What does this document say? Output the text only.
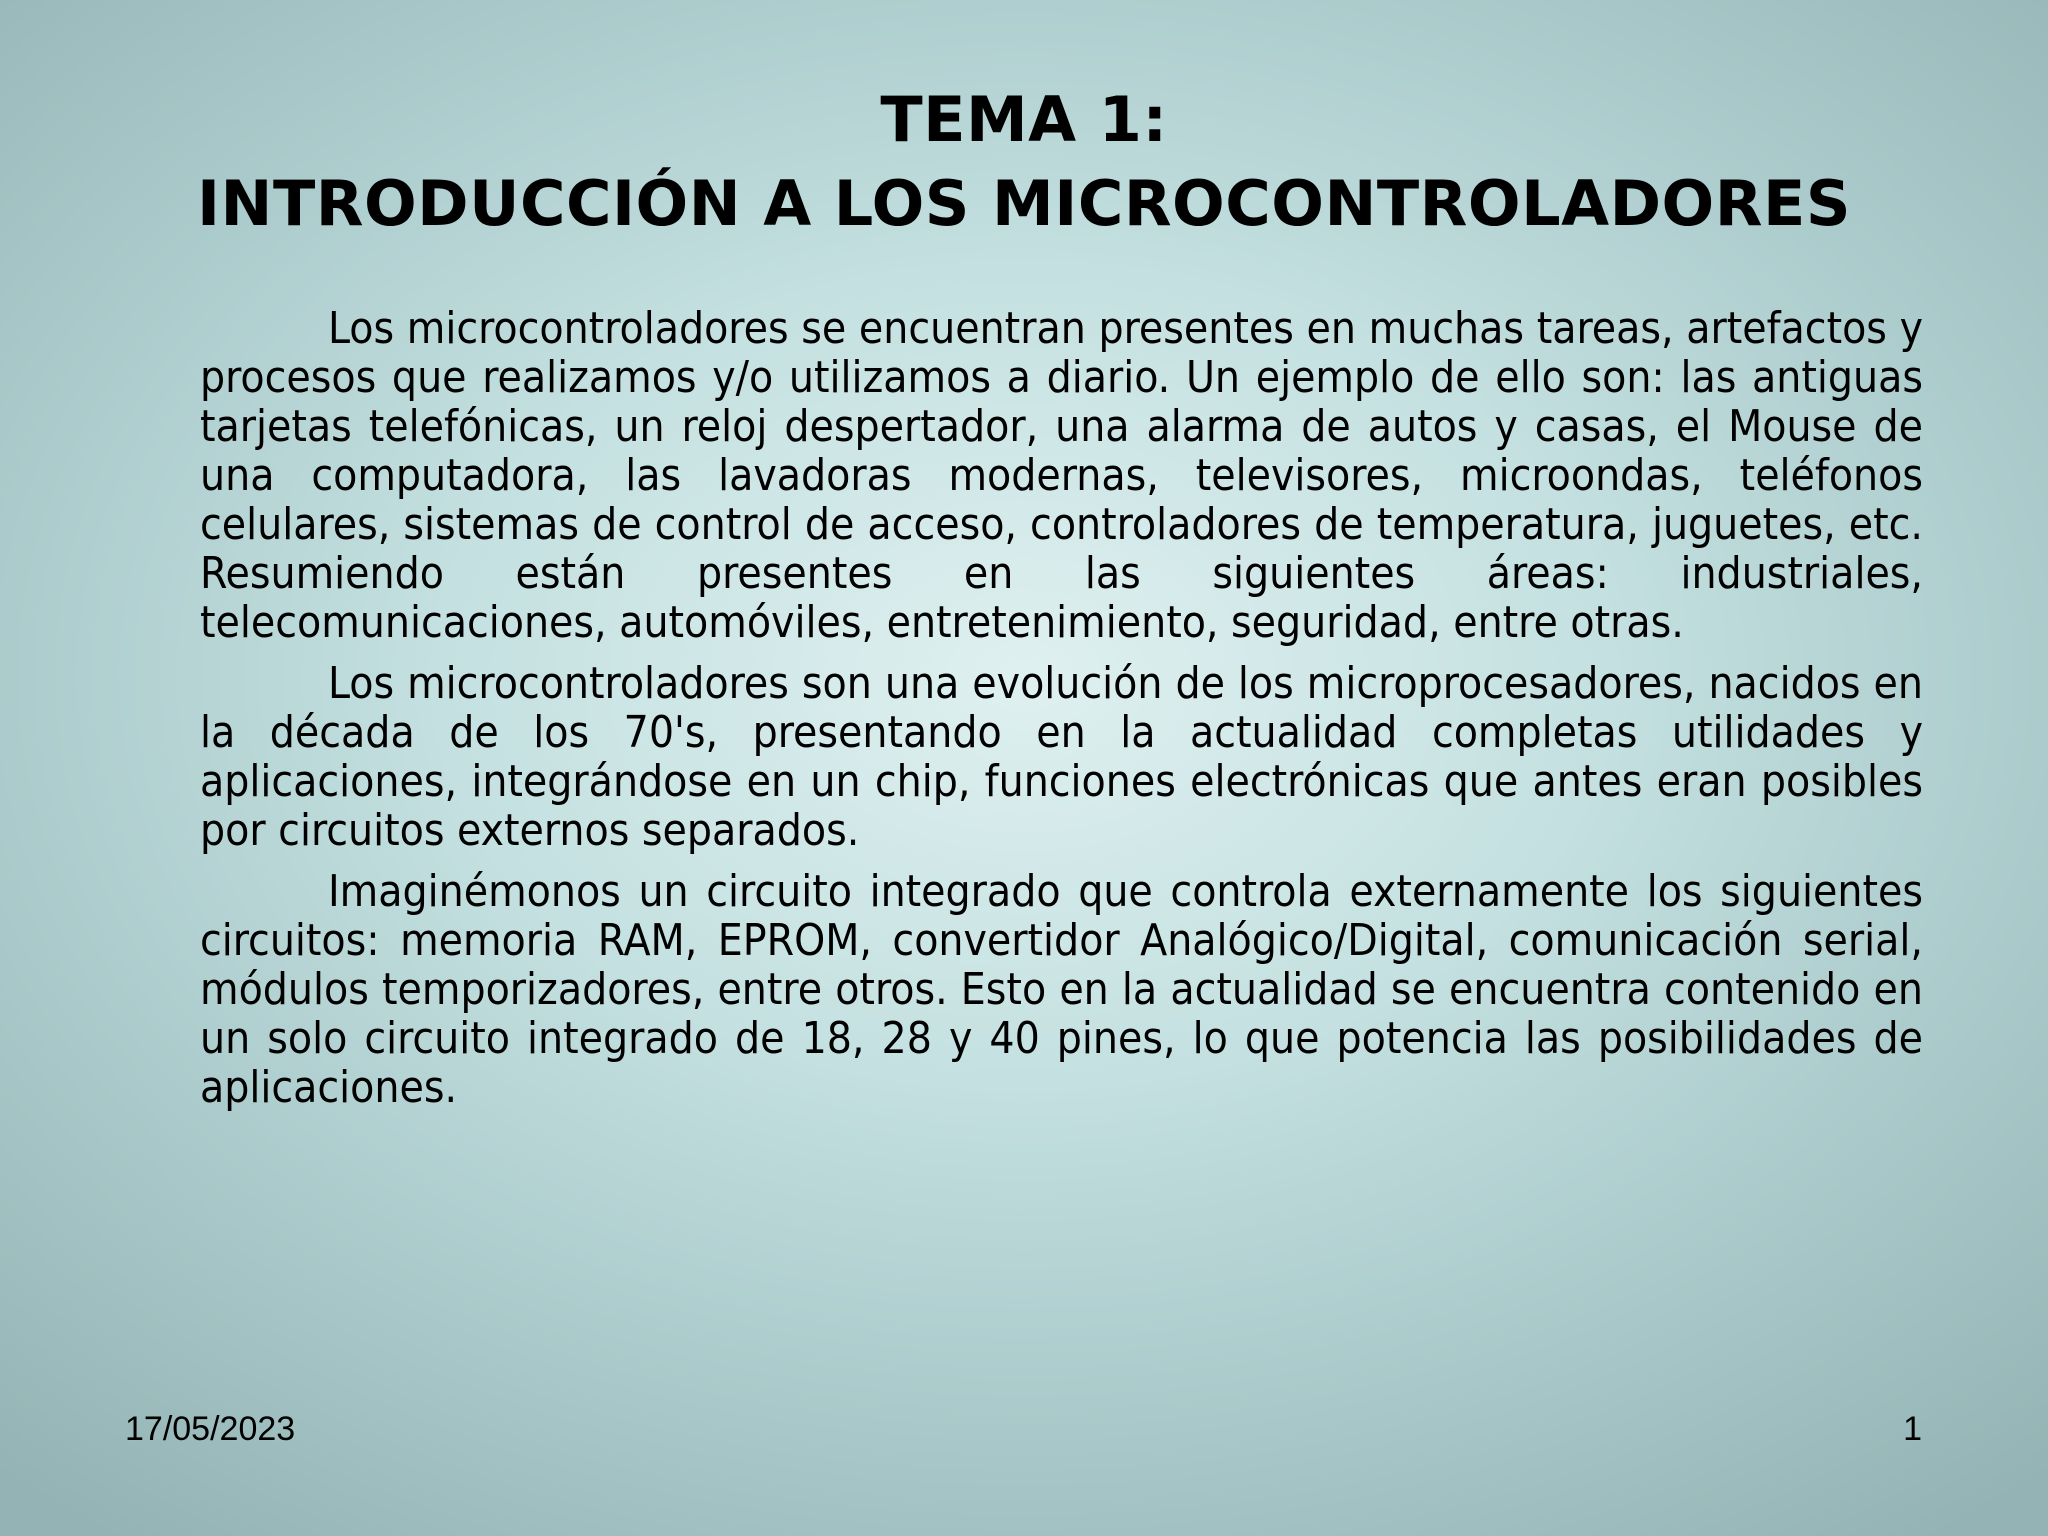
TEMA 1:
INTRODUCCIÓN A LOS MICROCONTROLADORES

Los microcontroladores se encuentran presentes en muchas tareas, artefactos y procesos que realizamos y/o utilizamos a diario. Un ejemplo de ello son: las antiguas tarjetas telefónicas, un reloj despertador, una alarma de autos y casas, el Mouse de una computadora, las lavadoras modernas, televisores, microondas, teléfonos celulares, sistemas de control de acceso, controladores de temperatura, juguetes, etc. Resumiendo están presentes en las siguientes áreas: industriales, telecomunicaciones, automóviles, entretenimiento, seguridad, entre otras.

Los microcontroladores son una evolución de los microprocesadores, nacidos en la década de los 70's, presentando en la actualidad completas utilidades y aplicaciones, integrándose en un chip, funciones electrónicas que antes eran posibles por circuitos externos separados.

Imaginémonos un circuito integrado que controla externamente los siguientes circuitos: memoria RAM, EPROM, convertidor Analógico/Digital, comunicación serial, módulos temporizadores, entre otros. Esto en la actualidad se encuentra contenido en un solo circuito integrado de 18, 28 y 40 pines, lo que potencia las posibilidades de aplicaciones.

17/05/2023	1
